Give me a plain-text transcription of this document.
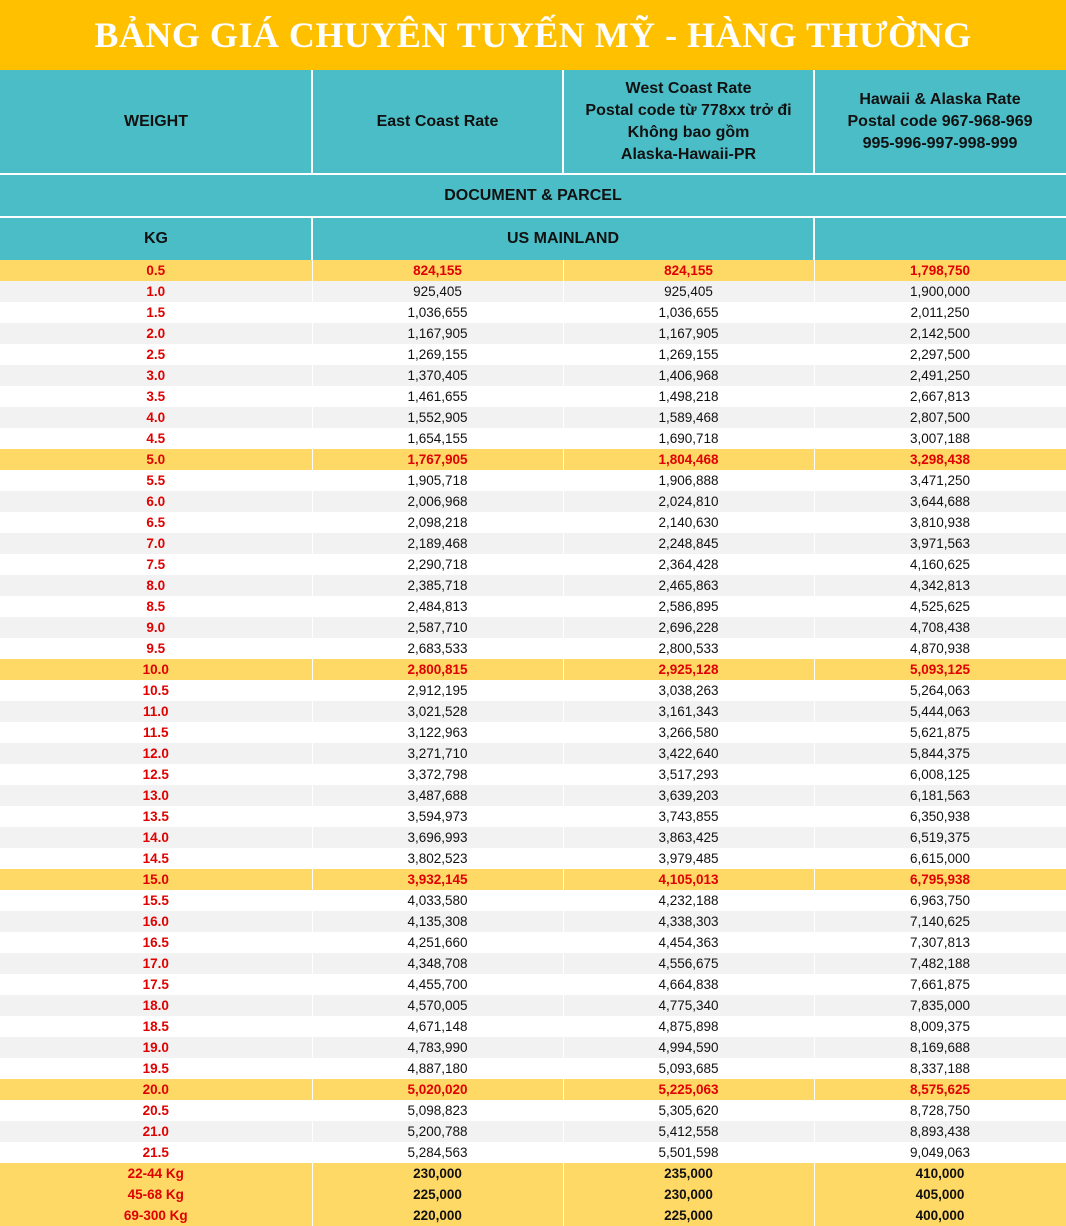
BẢNG GIÁ CHUYÊN TUYẾN MỸ - HÀNG THƯỜNG
WEIGHT	East Coast Rate
West Coast Rate
Postal code từ 778xx trở đi
Không bao gồm
Alaska-Hawaii-PR
Hawaii & Alaska Rate
Postal code 967-968-969
995-996-997-998-999
DOCUMENT & PARCEL
KG	US MAINLAND
0.5	824,155	824,155	1,798,750
1.0	925,405	925,405	1,900,000
1.5	1,036,655	1,036,655	2,011,250
2.0	1,167,905	1,167,905	2,142,500
2.5	1,269,155	1,269,155	2,297,500
3.0	1,370,405	1,406,968	2,491,250
3.5	1,461,655	1,498,218	2,667,813
4.0	1,552,905	1,589,468	2,807,500
4.5	1,654,155	1,690,718	3,007,188
5.0	1,767,905	1,804,468	3,298,438
5.5	1,905,718	1,906,888	3,471,250
6.0	2,006,968	2,024,810	3,644,688
6.5	2,098,218	2,140,630	3,810,938
7.0	2,189,468	2,248,845	3,971,563
7.5	2,290,718	2,364,428	4,160,625
8.0	2,385,718	2,465,863	4,342,813
8.5	2,484,813	2,586,895	4,525,625
9.0	2,587,710	2,696,228	4,708,438
9.5	2,683,533	2,800,533	4,870,938
10.0	2,800,815	2,925,128	5,093,125
10.5	2,912,195	3,038,263	5,264,063
11.0	3,021,528	3,161,343	5,444,063
11.5	3,122,963	3,266,580	5,621,875
12.0	3,271,710	3,422,640	5,844,375
12.5	3,372,798	3,517,293	6,008,125
13.0	3,487,688	3,639,203	6,181,563
13.5	3,594,973	3,743,855	6,350,938
14.0	3,696,993	3,863,425	6,519,375
14.5	3,802,523	3,979,485	6,615,000
15.0	3,932,145	4,105,013	6,795,938
15.5	4,033,580	4,232,188	6,963,750
16.0	4,135,308	4,338,303	7,140,625
16.5	4,251,660	4,454,363	7,307,813
17.0	4,348,708	4,556,675	7,482,188
17.5	4,455,700	4,664,838	7,661,875
18.0	4,570,005	4,775,340	7,835,000
18.5	4,671,148	4,875,898	8,009,375
19.0	4,783,990	4,994,590	8,169,688
19.5	4,887,180	5,093,685	8,337,188
20.0	5,020,020	5,225,063	8,575,625
20.5	5,098,823	5,305,620	8,728,750
21.0	5,200,788	5,412,558	8,893,438
21.5	5,284,563	5,501,598	9,049,063
22-44 Kg	230,000	235,000	410,000
45-68 Kg	225,000	230,000	405,000
69-300 Kg	220,000	225,000	400,000
